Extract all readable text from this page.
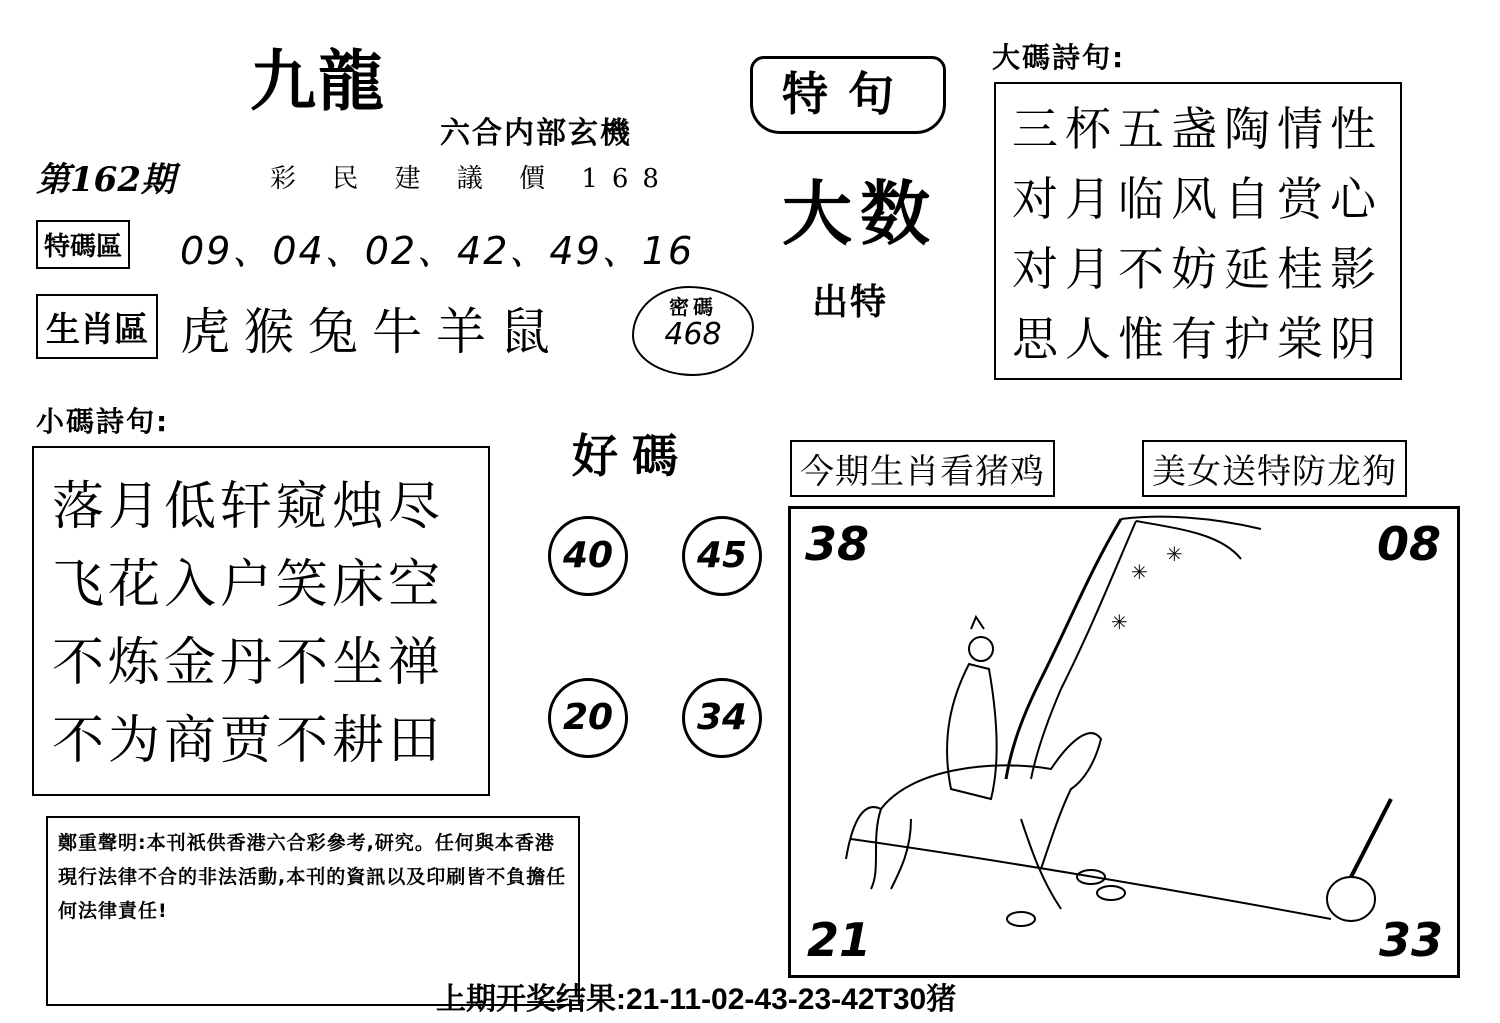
九龍
六合内部玄機
第162期	彩 民 建 議 價 168
特碼區 09、04、02、42、49、16
生肖區 虎猴兔牛羊鼠	密碼
468
特句
大数
出特
大碼詩句:
三杯五盏陶情性
对月临风自赏心
对月不妨延桂影
思人惟有护棠阴
小碼詩句:
落月低轩窥烛尽
飞花入户笑床空
不炼金丹不坐禅
不为商贾不耕田
好碼
40	45
20	34
今期生肖看猪鸡	美女送特防龙狗
✳
✳
✳
38	08
21	33
鄭重聲明:本刊祇供香港六合彩參考,研究。任何與本香港現行法律不合的非法活動,本刊的資訊以及印刷皆不負擔任何法律責任!
上期开奖结果:21-11-02-43-23-42T30猪
